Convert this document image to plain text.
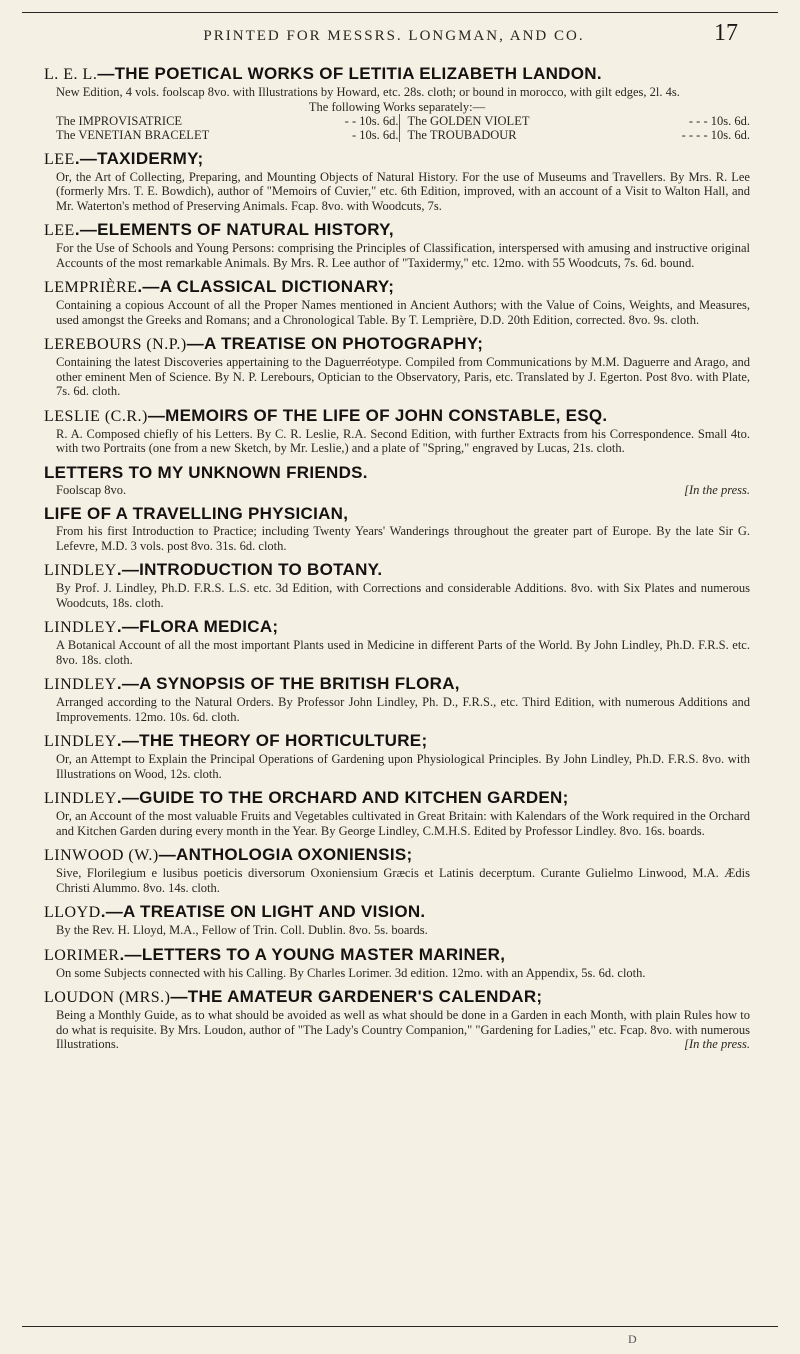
PRINTED FOR MESSRS. LONGMAN, AND CO.	17
L. E. L.—THE POETICAL WORKS OF LETITIA ELIZABETH LANDON.
New Edition, 4 vols. foolscap 8vo. with Illustrations by Howard, etc. 28s. cloth; or bound in morocco, with gilt edges, 2l. 4s.
The following Works separately:—
The IMPROVISATRICE	- - 10s. 6d.
The VENETIAN BRACELET	- 10s. 6d.
The GOLDEN VIOLET	- - - 10s. 6d.
The TROUBADOUR	- - - - 10s. 6d.
LEE.—TAXIDERMY;
Or, the Art of Collecting, Preparing, and Mounting Objects of Natural History. For the use of Museums and Travellers. By Mrs. R. Lee (formerly Mrs. T. E. Bowdich), author of "Memoirs of Cuvier," etc. 6th Edition, improved, with an account of a Visit to Walton Hall, and Mr. Waterton's method of Preserving Animals. Fcap. 8vo. with Woodcuts, 7s.
LEE.—ELEMENTS OF NATURAL HISTORY,
For the Use of Schools and Young Persons: comprising the Principles of Classification, interspersed with amusing and instructive original Accounts of the most remarkable Animals. By Mrs. R. Lee author of "Taxidermy," etc. 12mo. with 55 Woodcuts, 7s. 6d. bound.
LEMPRIÈRE.—A CLASSICAL DICTIONARY;
Containing a copious Account of all the Proper Names mentioned in Ancient Authors; with the Value of Coins, Weights, and Measures, used amongst the Greeks and Romans; and a Chronological Table. By T. Lemprière, D.D. 20th Edition, corrected. 8vo. 9s. cloth.
LEREBOURS (N.P.)—A TREATISE ON PHOTOGRAPHY;
Containing the latest Discoveries appertaining to the Daguerréotype. Compiled from Communications by M.M. Daguerre and Arago, and other eminent Men of Science. By N. P. Lerebours, Optician to the Observatory, Paris, etc. Translated by J. Egerton. Post 8vo. with Plate, 7s. 6d. cloth.
LESLIE (C.R.)—MEMOIRS OF THE LIFE OF JOHN CONSTABLE, ESQ.
R. A. Composed chiefly of his Letters. By C. R. Leslie, R.A. Second Edition, with further Extracts from his Correspondence. Small 4to. with two Portraits (one from a new Sketch, by Mr. Leslie,) and a plate of "Spring," engraved by Lucas, 21s. cloth.
LETTERS TO MY UNKNOWN FRIENDS.
Foolscap 8vo.	[In the press.
LIFE OF A TRAVELLING PHYSICIAN,
From his first Introduction to Practice; including Twenty Years' Wanderings throughout the greater part of Europe. By the late Sir G. Lefevre, M.D. 3 vols. post 8vo. 31s. 6d. cloth.
LINDLEY.—INTRODUCTION TO BOTANY.
By Prof. J. Lindley, Ph.D. F.R.S. L.S. etc. 3d Edition, with Corrections and considerable Additions. 8vo. with Six Plates and numerous Woodcuts, 18s. cloth.
LINDLEY.—FLORA MEDICA;
A Botanical Account of all the most important Plants used in Medicine in different Parts of the World. By John Lindley, Ph.D. F.R.S. etc. 8vo. 18s. cloth.
LINDLEY.—A SYNOPSIS OF THE BRITISH FLORA,
Arranged according to the Natural Orders. By Professor John Lindley, Ph. D., F.R.S., etc. Third Edition, with numerous Additions and Improvements. 12mo. 10s. 6d. cloth.
LINDLEY.—THE THEORY OF HORTICULTURE;
Or, an Attempt to Explain the Principal Operations of Gardening upon Physiological Principles. By John Lindley, Ph.D. F.R.S. 8vo. with Illustrations on Wood, 12s. cloth.
LINDLEY.—GUIDE TO THE ORCHARD AND KITCHEN GARDEN;
Or, an Account of the most valuable Fruits and Vegetables cultivated in Great Britain: with Kalendars of the Work required in the Orchard and Kitchen Garden during every month in the Year. By George Lindley, C.M.H.S. Edited by Professor Lindley. 8vo. 16s. boards.
LINWOOD (W.)—ANTHOLOGIA OXONIENSIS;
Sive, Florilegium e lusibus poeticis diversorum Oxoniensium Græcis et Latinis decerptum. Curante Gulielmo Linwood, M.A. Ædis Christi Alummo. 8vo. 14s. cloth.
LLOYD.—A TREATISE ON LIGHT AND VISION.
By the Rev. H. Lloyd, M.A., Fellow of Trin. Coll. Dublin. 8vo. 5s. boards.
LORIMER.—LETTERS TO A YOUNG MASTER MARINER,
On some Subjects connected with his Calling. By Charles Lorimer. 3d edition. 12mo. with an Appendix, 5s. 6d. cloth.
LOUDON (MRS.)—THE AMATEUR GARDENER'S CALENDAR;
Being a Monthly Guide, as to what should be avoided as well as what should be done in a Garden in each Month, with plain Rules how to do what is requisite. By Mrs. Loudon, author of "The Lady's Country Companion," "Gardening for Ladies," etc. Fcap. 8vo. with numerous Illustrations.	[In the press.
D
